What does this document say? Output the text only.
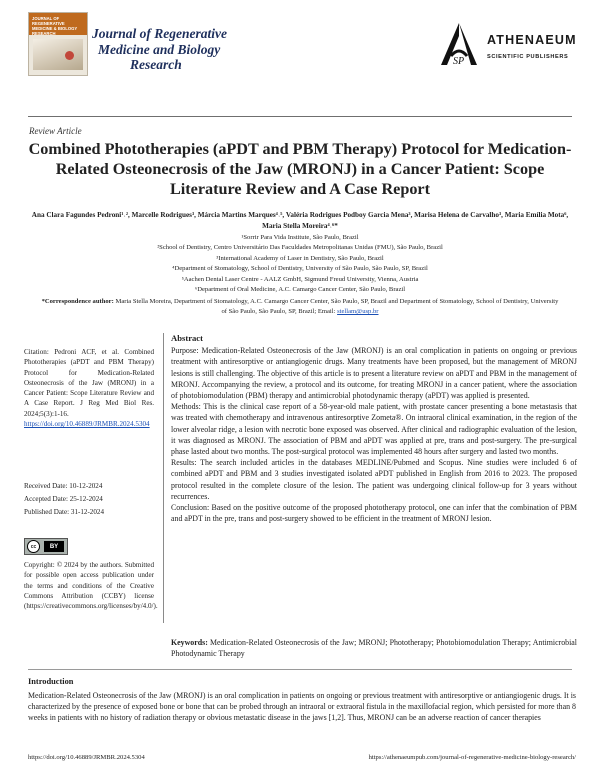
JOURNAL OF REGENERATIVE MEDICINE & BIOLOGY RESEARCH	Journal of Regenerative
Medicine and Biology
Research	SP
ATHENAEUM
SCIENTIFIC PUBLISHERS
Review Article
Combined Phototherapies (aPDT and PBM Therapy) Protocol for Medication-Related Osteonecrosis of the Jaw (MRONJ) in a Cancer Patient: Scope Literature Review and A Case Report
Ana Clara Fagundes Pedroni¹˒², Marcelle Rodrigues³, Márcia Martins Marques⁴˒⁵, Valéria Rodrigues Podboy Garcia Mena³, Marisa Helena de Carvalho³, Maria Emília Mota⁶, Maria Stella Moreira⁴˒⁶*
¹Sorrir Para Vida Institute, São Paulo, Brazil
²School of Dentistry, Centro Universitário Das Faculdades Metropolitanas Unidas (FMU), São Paulo, Brazil
³International Academy of Laser in Dentistry, São Paulo, Brazil
⁴Department of Stomatology, School of Dentistry, University of São Paulo, São Paulo, SP, Brazil
⁵Aachen Dental Laser Centre - AALZ GmbH, Sigmund Freud University, Vienna, Austria
⁶Department of Oral Medicine, A.C. Camargo Cancer Center, São Paulo, Brazil
*Correspondence author: Maria Stella Moreira, Department of Stomatology, A.C. Camargo Cancer Center, São Paulo, SP, Brazil and Department of Stomatology, School of Dentistry, University of São Paulo, São Paulo, SP, Brazil; Email: stellam@usp.br
Citation: Pedroni ACF, et al. Combined Phototherapies (aPDT and PBM Therapy) Protocol for Medication-Related Osteonecrosis of the Jaw (MRONJ) in a Cancer Patient: Scope Literature Review and A Case Report. J Reg Med Biol Res. 2024;5(3):1-16.
https://doi.org/10.46889/JRMBR.2024.5304
Received Date: 10-12-2024
Accepted Date: 25-12-2024
Published Date: 31-12-2024
cc	BY
Copyright: © 2024 by the authors. Submitted for possible open access publication under the terms and conditions of the Creative Commons Attribution (CCBY) license (https://creativecommons.org/licenses/by/4.0/).
Abstract

Purpose: Medication-Related Osteonecrosis of the Jaw (MRONJ) is an oral complication in patients on ongoing or previous treatment with antiresorptive or antiangiogenic drugs. Many treatments have been proposed, but the management of MRONJ lesions is still challenging. The objective of this article is to present a literature review on aPDT and PBM in the management of MRONJ. Accompanying the review, a protocol and its outcome, for treating MRONJ in a cancer patient, where the association of photobiomodulation (PBM) therapy and antimicrobial photodynamic therapy (aPDT) was applied is presented.

Methods: This is the clinical case report of a 58-year-old male patient, with prostate cancer presenting a bone metastasis that was treated with chemotherapy and intravenous antiresorptive Zometa®. On intraoral clinical examination, in the region of the lower alveolar ridge, a lesion with necrotic bone exposed was observed. After clinical and radiographic evaluation of the lesion, it was diagnosed as MRONJ. The association of PBM and aPDT was applied at pre, trans and post-surgery. The pre-surgical phase lasted about two months. The post-surgical protocol was implemented 48 hours after surgery and lasted two months.

Results: The search included articles in the databases MEDLINE/Pubmed and Scopus. Nine studies were included 6 of combined aPDT and PBM and 3 studies investigated isolated aPDT published in English from 2016 to 2023. The proposed protocol resulted in the complete closure of the lesion. The patient was undergoing clinical follow-up for 3 years without recurrences.

Conclusion: Based on the positive outcome of the proposed phototherapy protocol, one can infer that the combination of PBM and aPDT in the pre, trans and post-surgery showed to be efficient in the treatment of MRONJ lesion.

Keywords: Medication-Related Osteonecrosis of the Jaw; MRONJ; Phototherapy; Photobiomodulation Therapy; Antimicrobial Photodynamic Therapy
Introduction
Medication-Related Osteonecrosis of the Jaw (MRONJ) is an oral complication in patients on ongoing or previous treatment with antiresorptive or antiangiogenic drugs. It is characterized by the presence of exposed bone or bone that can be probed through an intraoral or extraoral fistula in the maxillofacial region, which persisted for more than 8 weeks in patients with no history of radiation therapy or obvious metastatic disease in the jaws [1,2]. Thus, MRONJ can be an adverse reaction of cancer therapies
https://doi.org/10.46889/JRMBR.2024.5304	https://athenaeumpub.com/journal-of-regenerative-medicine-biology-research/
